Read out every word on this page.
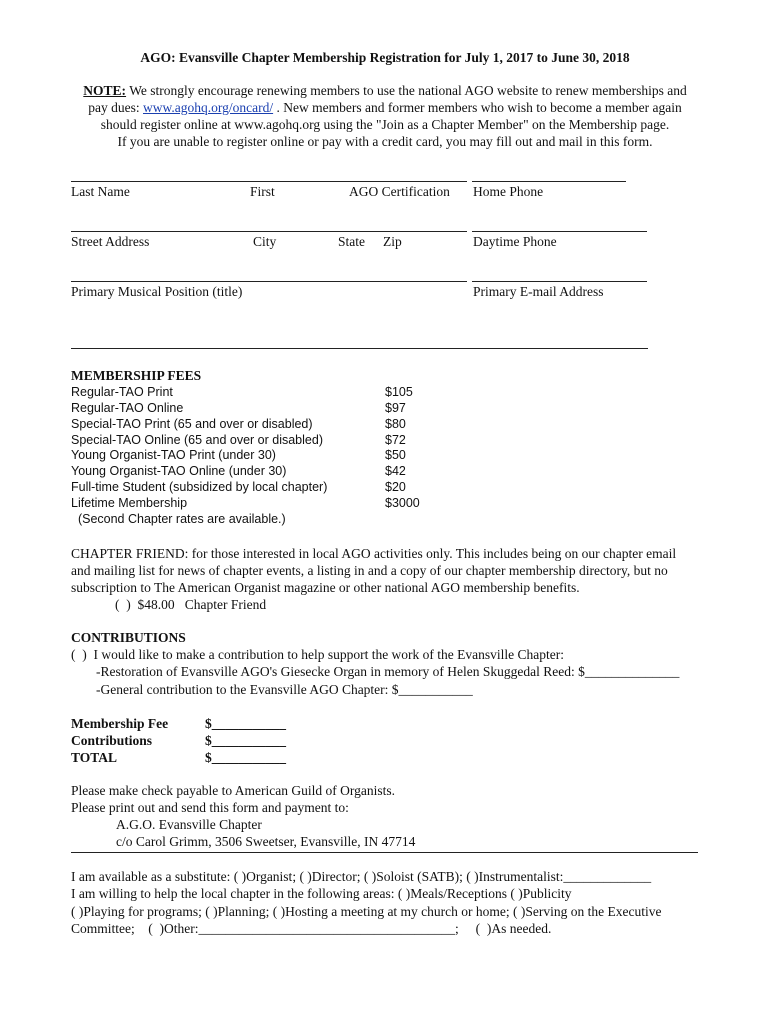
AGO: Evansville Chapter Membership Registration for July 1, 2017 to June 30, 2018
NOTE: We strongly encourage renewing members to use the national AGO website to renew memberships and
pay dues: www.agohq.org/oncard/ . New members and former members who wish to become a member again
should register online at www.agohq.org using the "Join as a Chapter Member" on the Membership page.
If you are unable to register online or pay with a credit card, you may fill out and mail in this form.
Last Name	First	AGO Certification Home Phone
Street Address	City	State Zip	Daytime Phone
Primary Musical Position (title)	Primary E-mail Address
MEMBERSHIP FEES
Regular-TAO Print	$105
Regular-TAO Online	$97
Special-TAO Print (65 and over or disabled)	$80
Special-TAO Online (65 and over or disabled)	$72
Young Organist-TAO Print (under 30)	$50
Young Organist-TAO Online (under 30)	$42
Full-time Student (subsidized by local chapter)	$20
Lifetime Membership	$3000
(Second Chapter rates are available.)
CHAPTER FRIEND: for those interested in local AGO activities only. This includes being on our chapter email
and mailing list for news of chapter events, a listing in and a copy of our chapter membership directory, but no
subscription to The American Organist magazine or other national AGO membership benefits.
(  )  $48.00   Chapter Friend
CONTRIBUTIONS
(  )  I would like to make a contribution to help support the work of the Evansville Chapter:
-Restoration of Evansville AGO's Giesecke Organ in memory of Helen Skuggedal Reed: $______________
-General contribution to the Evansville AGO Chapter: $___________
Membership Fee	$___________
Contributions	$___________
TOTAL	$___________
Please make check payable to American Guild of Organists.
Please print out and send this form and payment to:
A.G.O. Evansville Chapter
c/o Carol Grimm, 3506 Sweetser, Evansville, IN 47714
I am available as a substitute: ( )Organist; ( )Director; ( )Soloist (SATB); ( )Instrumentalist:_____________
I am willing to help the local chapter in the following areas: ( )Meals/Receptions ( )Publicity
( )Playing for programs; ( )Planning; ( )Hosting a meeting at my church or home; ( )Serving on the Executive
Committee;    (  )Other:______________________________________;     (  )As needed.
